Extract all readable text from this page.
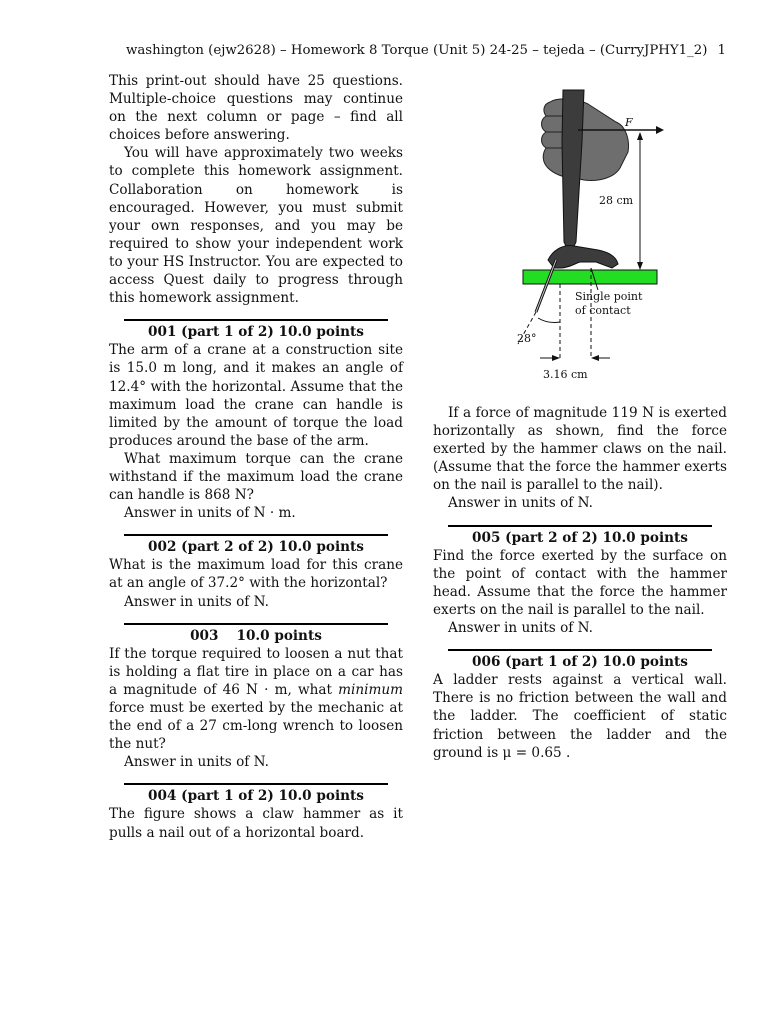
washington (ejw2628) – Homework 8 Torque (Unit 5) 24-25 – tejeda – (CurryJPHY1_2) 1

This print-out should have 25 questions. Multiple-choice questions may continue on the next column or page – find all choices before answering.

You will have approximately two weeks to complete this homework assignment. Collaboration on homework is encouraged. However, you must submit your own responses, and you may be required to show your independent work to your HS Instructor. You are expected to access Quest daily to progress through this homework assignment.

001 (part 1 of 2) 10.0 points

The arm of a crane at a construction site is 15.0 m long, and it makes an angle of 12.4° with the horizontal. Assume that the maximum load the crane can handle is limited by the amount of torque the load produces around the base of the arm.

What maximum torque can the crane withstand if the maximum load the crane can handle is 868 N?

Answer in units of N · m.

002 (part 2 of 2) 10.0 points

What is the maximum load for this crane at an angle of 37.2° with the horizontal?

Answer in units of N.

003 10.0 points

If the torque required to loosen a nut that is holding a flat tire in place on a car has a magnitude of 46 N · m, what minimum force must be exerted by the mechanic at the end of a 27 cm-long wrench to loosen the nut?

Answer in units of N.

004 (part 1 of 2) 10.0 points

The figure shows a claw hammer as it pulls a nail out of a horizontal board.

F
28 cm
Single point
of contact
28°
3.16 cm

If a force of magnitude 119 N is exerted horizontally as shown, find the force exerted by the hammer claws on the nail. (Assume that the force the hammer exerts on the nail is parallel to the nail).

Answer in units of N.

005 (part 2 of 2) 10.0 points

Find the force exerted by the surface on the point of contact with the hammer head. Assume that the force the hammer exerts on the nail is parallel to the nail.

Answer in units of N.

006 (part 1 of 2) 10.0 points

A ladder rests against a vertical wall. There is no friction between the wall and the ladder. The coefficient of static friction between the ladder and the ground is μ = 0.65 .
